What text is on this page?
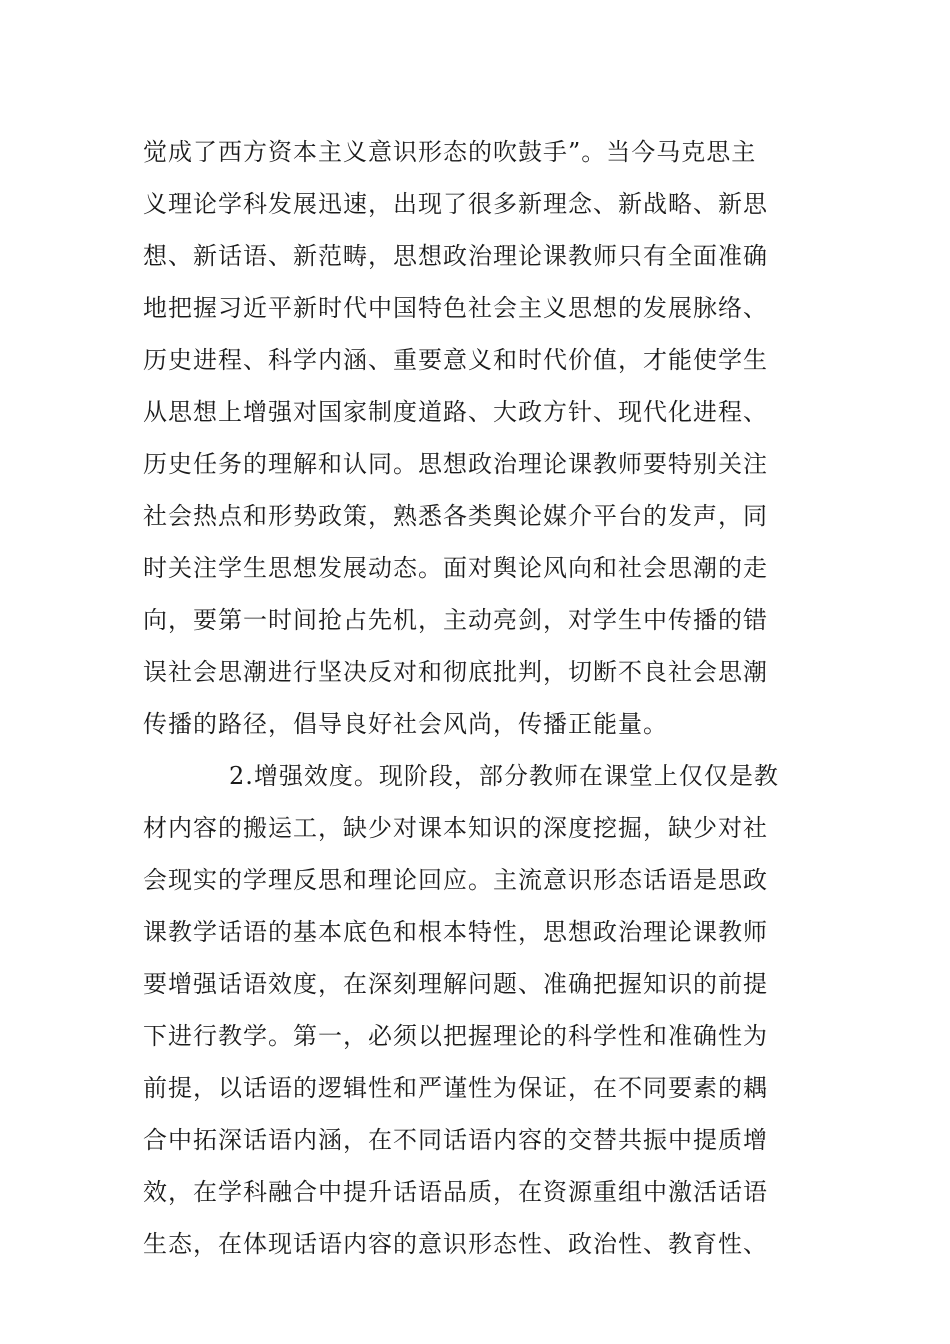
觉成了西方资本主义意识形态的吹鼓手”。当今马克思主
义理论学科发展迅速，出现了很多新理念、新战略、新思
想、新话语、新范畴，思想政治理论课教师只有全面准确
地把握习近平新时代中国特色社会主义思想的发展脉络、
历史进程、科学内涵、重要意义和时代价值，才能使学生
从思想上增强对国家制度道路、大政方针、现代化进程、
历史任务的理解和认同。思想政治理论课教师要特别关注
社会热点和形势政策，熟悉各类舆论媒介平台的发声，同
时关注学生思想发展动态。面对舆论风向和社会思潮的走
向，要第一时间抢占先机，主动亮剑，对学生中传播的错
误社会思潮进行坚决反对和彻底批判，切断不良社会思潮
传播的路径，倡导良好社会风尚，传播正能量。
2.增强效度。现阶段，部分教师在课堂上仅仅是教
材内容的搬运工，缺少对课本知识的深度挖掘，缺少对社
会现实的学理反思和理论回应。主流意识形态话语是思政
课教学话语的基本底色和根本特性，思想政治理论课教师
要增强话语效度，在深刻理解问题、准确把握知识的前提
下进行教学。第一，必须以把握理论的科学性和准确性为
前提，以话语的逻辑性和严谨性为保证，在不同要素的耦
合中拓深话语内涵，在不同话语内容的交替共振中提质增
效，在学科融合中提升话语品质，在资源重组中激活话语
生态，在体现话语内容的意识形态性、政治性、教育性、
